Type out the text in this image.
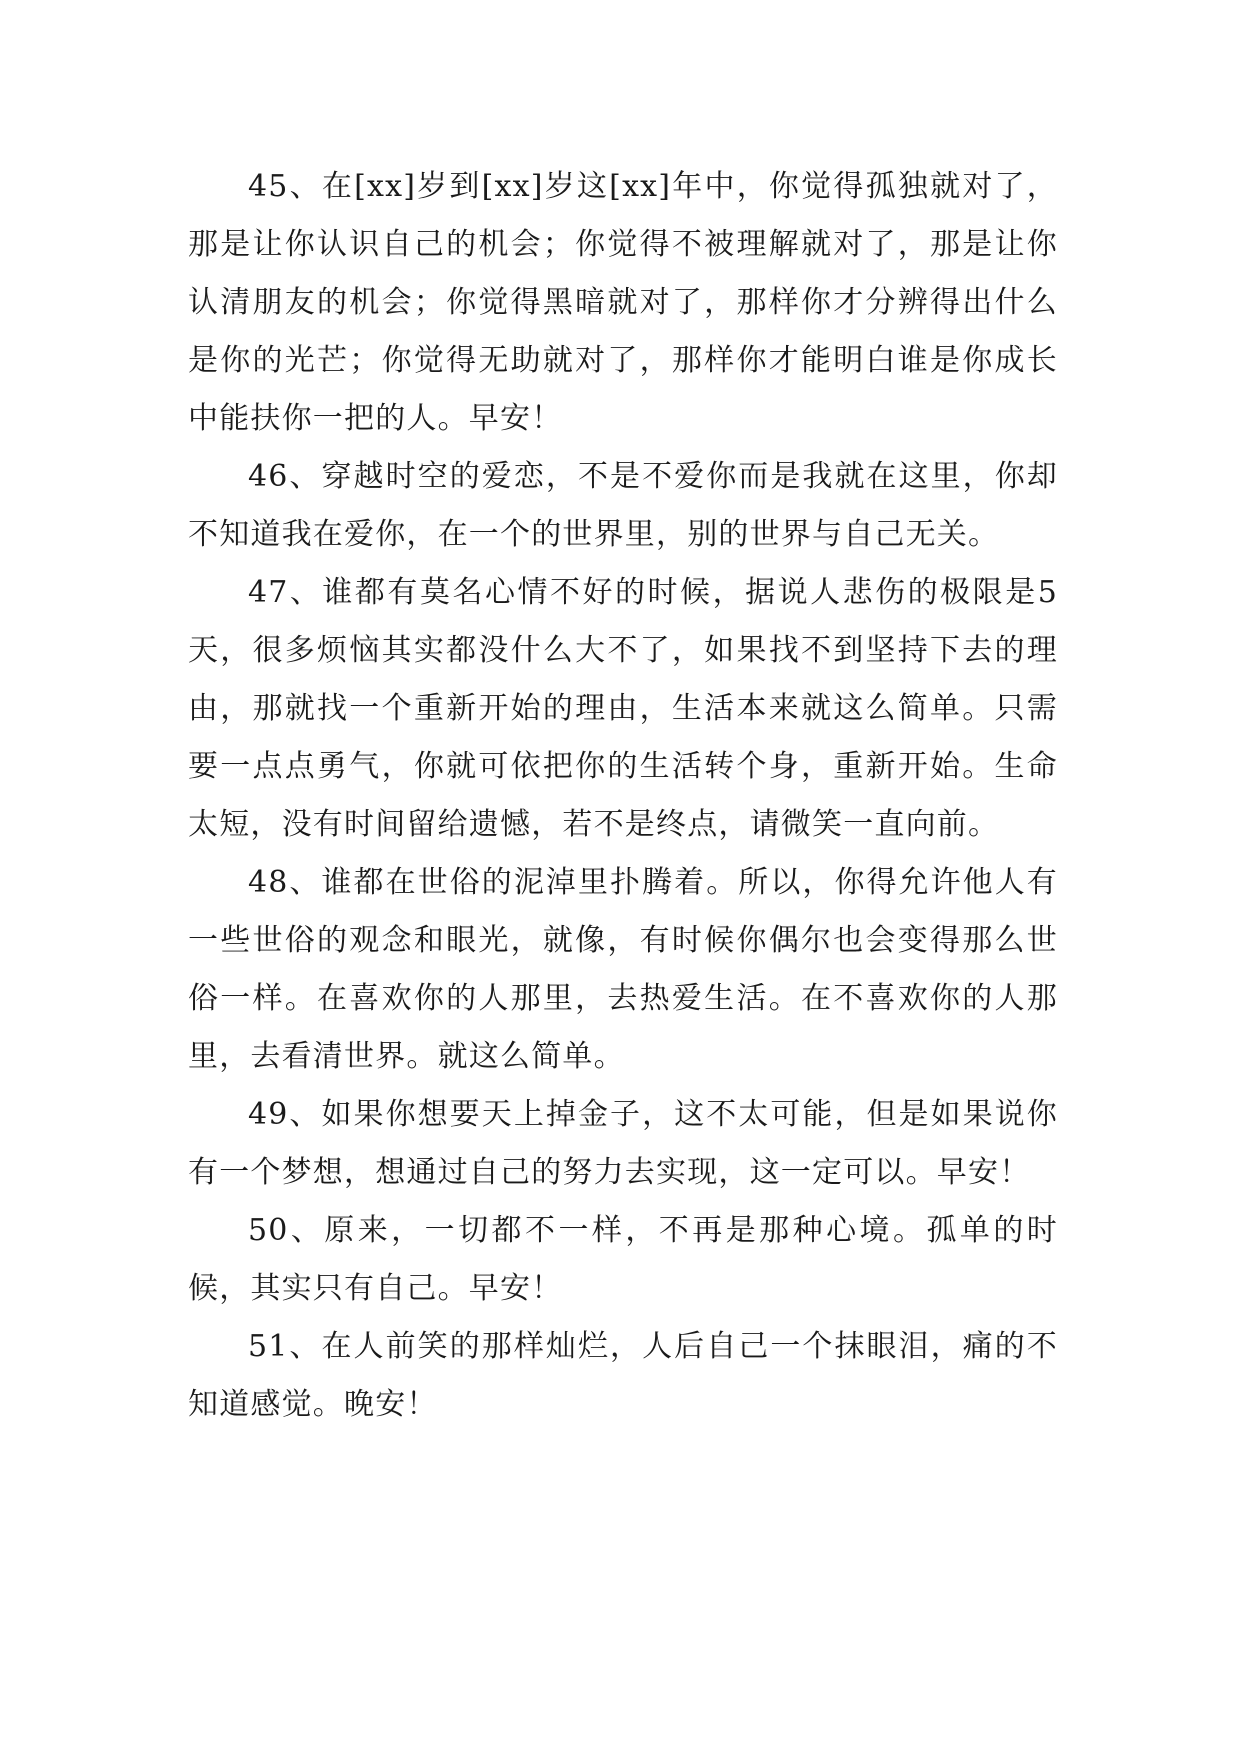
45、在[xx]岁到[xx]岁这[xx]年中，你觉得孤独就对了，那是让你认识自己的机会；你觉得不被理解就对了，那是让你认清朋友的机会；你觉得黑暗就对了，那样你才分辨得出什么是你的光芒；你觉得无助就对了，那样你才能明白谁是你成长中能扶你一把的人。早安！

46、穿越时空的爱恋，不是不爱你而是我就在这里，你却不知道我在爱你，在一个的世界里，别的世界与自己无关。

47、谁都有莫名心情不好的时候，据说人悲伤的极限是5天，很多烦恼其实都没什么大不了，如果找不到坚持下去的理由，那就找一个重新开始的理由，生活本来就这么简单。只需要一点点勇气，你就可依把你的生活转个身，重新开始。生命太短，没有时间留给遗憾，若不是终点，请微笑一直向前。

48、谁都在世俗的泥淖里扑腾着。所以，你得允许他人有一些世俗的观念和眼光，就像，有时候你偶尔也会变得那么世俗一样。在喜欢你的人那里，去热爱生活。在不喜欢你的人那里，去看清世界。就这么简单。

49、如果你想要天上掉金子，这不太可能，但是如果说你有一个梦想，想通过自己的努力去实现，这一定可以。早安！

50、原来，一切都不一样，不再是那种心境。孤单的时候，其实只有自己。早安！

51、在人前笑的那样灿烂，人后自己一个抹眼泪，痛的不知道感觉。晚安！
